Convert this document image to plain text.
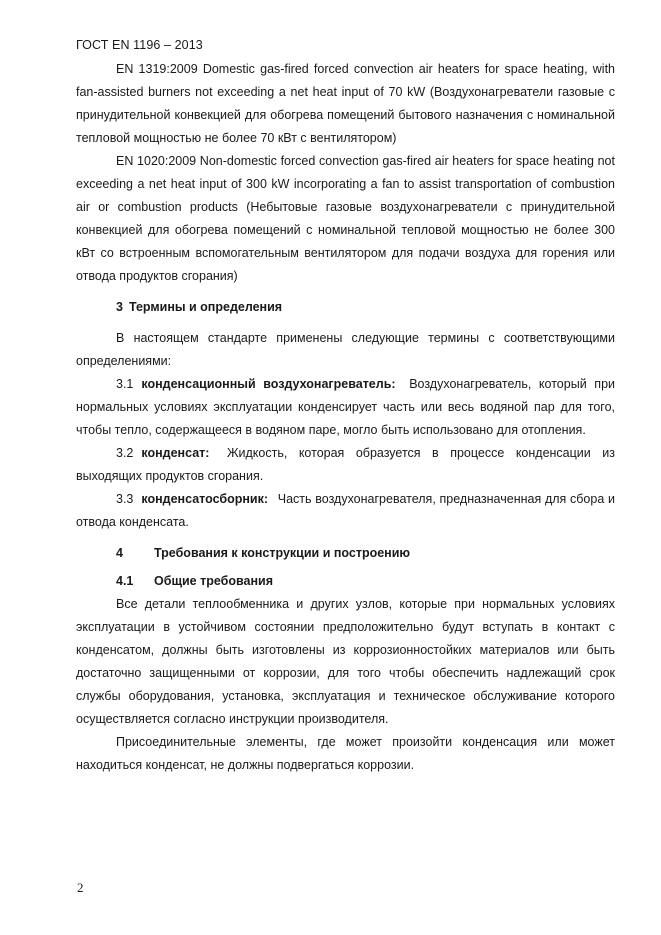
ГОСТ EN 1196 – 2013

EN 1319:2009 Domestic gas-fired forced convection air heaters for space heating, with fan-assisted burners not exceeding a net heat input of 70 kW (Воздухонагреватели газовые с принудительной конвекцией для обогрева помещений бытового назначения с номинальной тепловой мощностью не более 70 кВт с вентилятором)

EN 1020:2009 Non-domestic forced convection gas-fired air heaters for space heating not exceeding a net heat input of 300 kW incorporating a fan to assist transportation of combustion air or combustion products (Небытовые газовые воздухонагреватели с принудительной конвекцией для обогрева помещений с номинальной тепловой мощностью не более 300 кВт со встроенным вспомогательным вентилятором для подачи воздуха для горения или отвода продуктов сгорания)

3 Термины и определения

В настоящем стандарте применены следующие термины с соответствующими определениями:

3.1 конденсационный воздухонагреватель: Воздухонагреватель, который при нормальных условиях эксплуатации конденсирует часть или весь водяной пар для того, чтобы тепло, содержащееся в водяном паре, могло быть использовано для отопления.

3.2 конденсат: Жидкость, которая образуется в процессе конденсации из выходящих продуктов сгорания.

3.3 конденсатосборник: Часть воздухонагревателя, предназначенная для сбора и отвода конденсата.

4 Требования к конструкции и построению
4.1 Общие требования

Все детали теплообменника и других узлов, которые при нормальных условиях эксплуатации в устойчивом состоянии предположительно будут вступать в контакт с конденсатом, должны быть изготовлены из коррозионностойких материалов или быть достаточно защищенными от коррозии, для того чтобы обеспечить надлежащий срок службы оборудования, установка, эксплуатация и техническое обслуживание которого осуществляется согласно инструкции производителя.

Присоединительные элементы, где может произойти конденсация или может находиться конденсат, не должны подвергаться коррозии.

2
